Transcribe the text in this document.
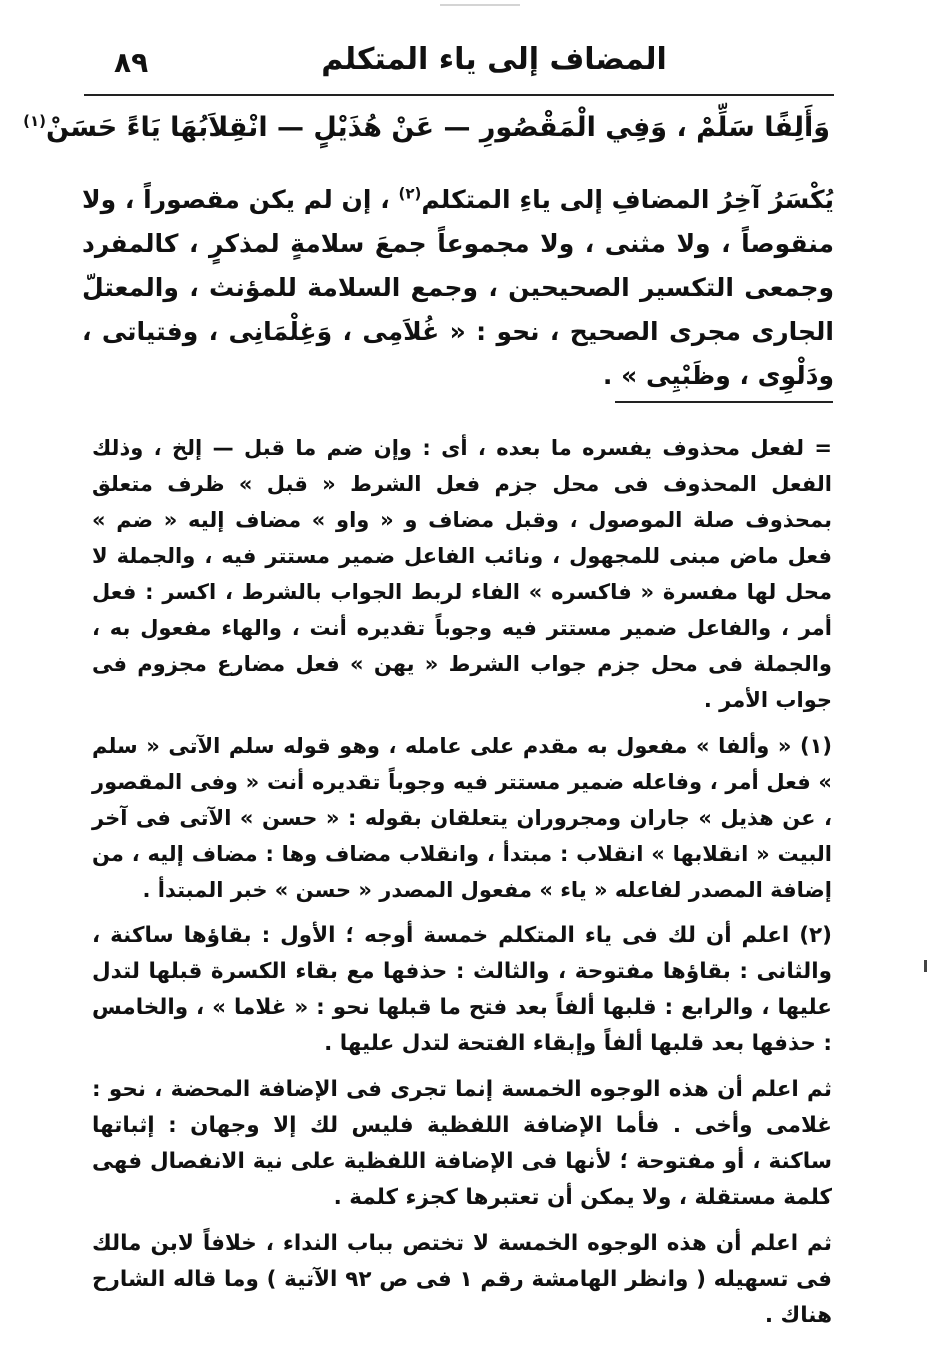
٨٩	المضاف إلى ياء المتكلم
وَأَلِفًا سَلِّمْ ، وَفِي الْمَقْصُورِ — عَنْ هُذَيْلٍ — انْقِلاَبُهَا يَاءً حَسَنْ$^{(١)}$

يُكْسَرُ آخِرُ المضافِ إلى ياءِ المتكلم$^{(٢)}$ ، إن لم يكن مقصوراً ، ولا منقوصاً ، ولا مثنى ، ولا مجموعاً جمعَ سلامةٍ لمذكرٍ ، كالمفرد وجمعى التكسير الصحيحين ، وجمع السلامة للمؤنث ، والمعتلّ الجارى مجرى الصحيح ، نحو : « غُلاَمِى ، وَغِلْمَانِى ، وفتياتى ، ودَلْوِى ، وظَبْيِى » .

= لفعل محذوف يفسره ما بعده ، أى : وإن ضم ما قبل — إلخ ، وذلك الفعل المحذوف فى محل جزم فعل الشرط « قبل » ظرف متعلق بمحذوف صلة الموصول ، وقبل مضاف و « واو » مضاف إليه « ضم » فعل ماض مبنى للمجهول ، ونائب الفاعل ضمير مستتر فيه ، والجملة لا محل لها مفسرة « فاكسره » الفاء لربط الجواب بالشرط ، اكسر : فعل أمر ، والفاعل ضمير مستتر فيه وجوباً تقديره أنت ، والهاء مفعول به ، والجملة فى محل جزم جواب الشرط « يهن » فعل مضارع مجزوم فى جواب الأمر .

(١) « وألفا » مفعول به مقدم على عامله ، وهو قوله سلم الآتى « سلم » فعل أمر ، وفاعله ضمير مستتر فيه وجوباً تقديره أنت « وفى المقصور ، عن هذيل » جاران ومجروران يتعلقان بقوله : « حسن » الآتى فى آخر البيت « انقلابها » انقلاب : مبتدأ ، وانقلاب مضاف وها : مضاف إليه ، من إضافة المصدر لفاعله « ياء » مفعول المصدر « حسن » خبر المبتدأ .

(٢) اعلم أن لك فى ياء المتكلم خمسة أوجه ؛ الأول : بقاؤها ساكنة ، والثانى : بقاؤها مفتوحة ، والثالث : حذفها مع بقاء الكسرة قبلها لتدل عليها ، والرابع : قلبها ألفاً بعد فتح ما قبلها نحو : « غلاما » ، والخامس : حذفها بعد قلبها ألفاً وإبقاء الفتحة لتدل عليها .

ثم اعلم أن هذه الوجوه الخمسة إنما تجرى فى الإضافة المحضة ، نحو : غلامى وأخى . فأما الإضافة اللفظية فليس لك إلا وجهان : إثباتها ساكنة ، أو مفتوحة ؛ لأنها فى الإضافة اللفظية على نية الانفصال فهى كلمة مستقلة ، ولا يمكن أن تعتبرها كجزء كلمة .

ثم اعلم أن هذه الوجوه الخمسة لا تختص بباب النداء ، خلافاً لابن مالك فى تسهيله ( وانظر الهامشة رقم ١ فى ص ٩٢ الآتية ) وما قاله الشارح هناك .
